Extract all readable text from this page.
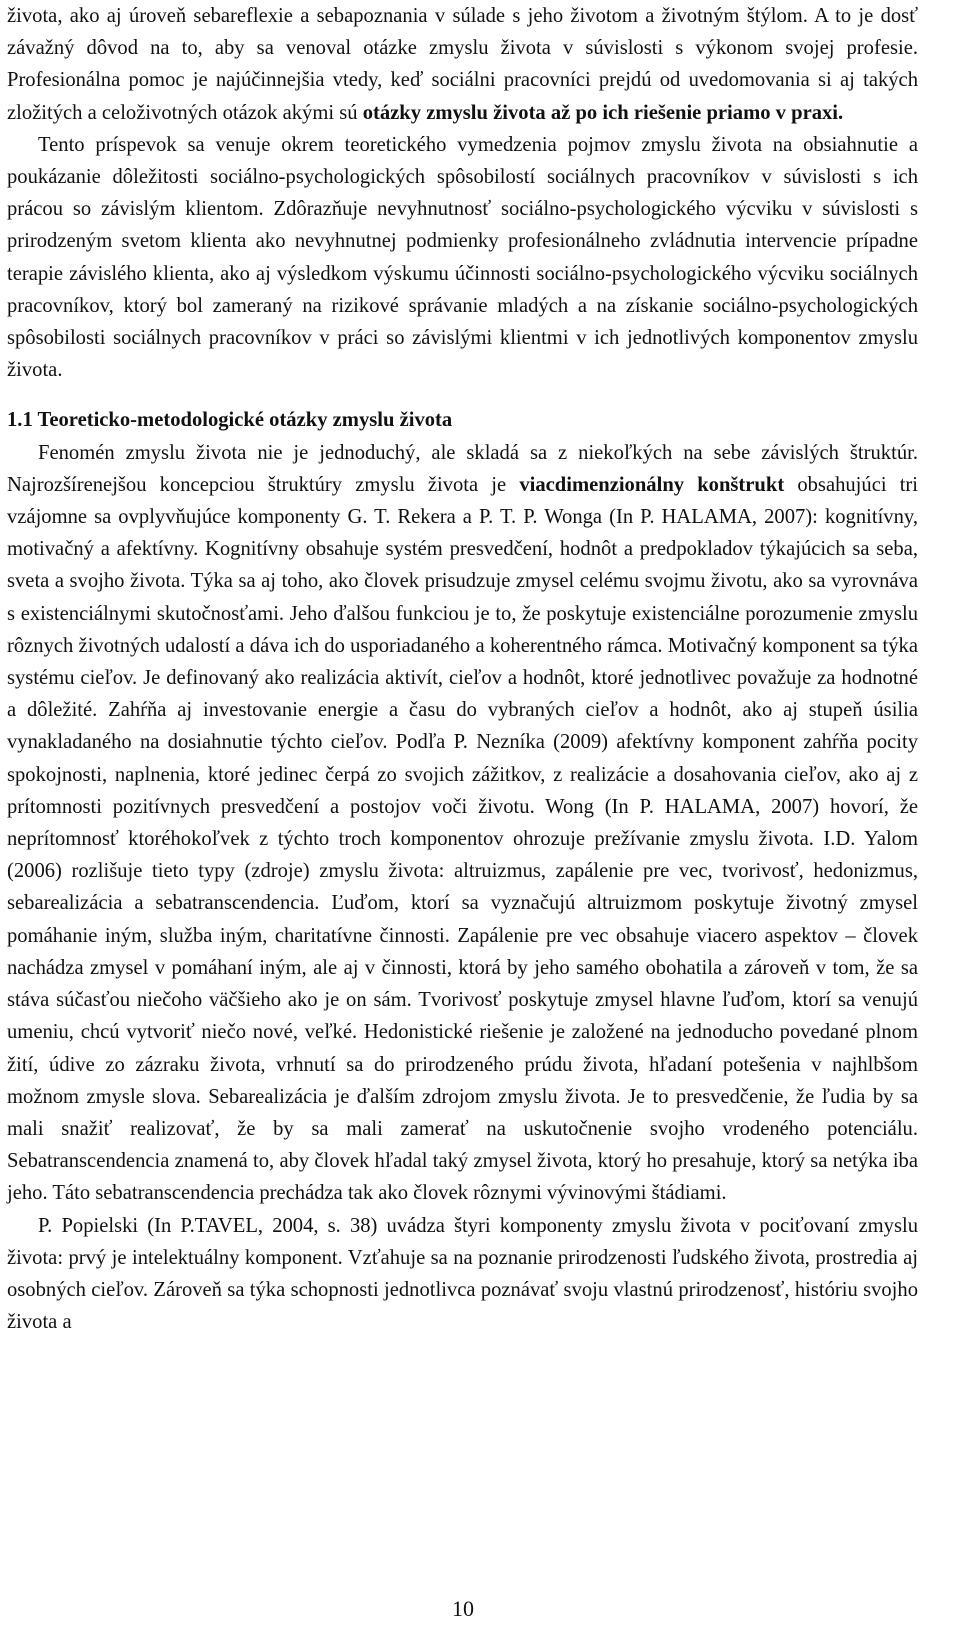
života, ako aj úroveň sebareflexie a sebapoznania v súlade s jeho životom a životným štýlom. A to je dosť závažný dôvod na to, aby sa venoval otázke zmyslu života v súvislosti s výkonom svojej profesie. Profesionálna pomoc je najúčinnejšia vtedy, keď sociálni pracovníci prejdú od uvedomovania si aj takých zložitých a celoživotných otázok akými sú otázky zmyslu života až po ich riešenie priamo v praxi.

Tento príspevok sa venuje okrem teoretického vymedzenia pojmov zmyslu života na obsiahnutie a poukázanie dôležitosti sociálno-psychologických spôsobilostí sociálnych pracovníkov v súvislosti s ich prácou so závislým klientom. Zdôrazňuje nevyhnutnosť sociálno-psychologického výcviku v súvislosti s prirodzeným svetom klienta ako nevyhnutnej podmienky profesionálneho zvládnutia intervencie prípadne terapie závislého klienta, ako aj výsledkom výskumu účinnosti sociálno-psychologického výcviku sociálnych pracovníkov, ktorý bol zameraný na rizikové správanie mladých a na získanie sociálno-psychologických spôsobilosti sociálnych pracovníkov v práci so závislými klientmi v ich jednotlivých komponentov zmyslu života.

1.1 Teoreticko-metodologické otázky zmyslu života

Fenomén zmyslu života nie je jednoduchý, ale skladá sa z niekoľkých na sebe závislých štruktúr. Najrozšírenejšou koncepciou štruktúry zmyslu života je viacdimenzionálny konštrukt obsahujúci tri vzájomne sa ovplyvňujúce komponenty G. T. Rekera a P. T. P. Wonga (In P. HALAMA, 2007): kognitívny, motivačný a afektívny. Kognitívny obsahuje systém presvedčení, hodnôt a predpokladov týkajúcich sa seba, sveta a svojho života. Týka sa aj toho, ako človek prisudzuje zmysel celému svojmu životu, ako sa vyrovnáva s existenciálnymi skutočnosťami. Jeho ďalšou funkciou je to, že poskytuje existenciálne porozumenie zmyslu rôznych životných udalostí a dáva ich do usporiadaného a koherentného rámca. Motivačný komponent sa týka systému cieľov. Je definovaný ako realizácia aktivít, cieľov a hodnôt, ktoré jednotlivec považuje za hodnotné a dôležité. Zahŕňa aj investovanie energie a času do vybraných cieľov a hodnôt, ako aj stupeň úsilia vynakladaného na dosiahnutie týchto cieľov. Podľa P. Nezníka (2009) afektívny komponent zahŕňa pocity spokojnosti, naplnenia, ktoré jedinec čerpá zo svojich zážitkov, z realizácie a dosahovania cieľov, ako aj z prítomnosti pozitívnych presvedčení a postojov voči životu. Wong (In P. HALAMA, 2007) hovorí, že neprítomnosť ktoréhokoľvek z týchto troch komponentov ohrozuje prežívanie zmyslu života. I.D. Yalom (2006) rozlišuje tieto typy (zdroje) zmyslu života: altruizmus, zapálenie pre vec, tvorivosť, hedonizmus, sebarealizácia a sebatranscendencia. Ľuďom, ktorí sa vyznačujú altruizmom poskytuje životný zmysel pomáhanie iným, služba iným, charitatívne činnosti. Zapálenie pre vec obsahuje viacero aspektov – človek nachádza zmysel v pomáhaní iným, ale aj v činnosti, ktorá by jeho samého obohatila a zároveň v tom, že sa stáva súčasťou niečoho väčšieho ako je on sám. Tvorivosť poskytuje zmysel hlavne ľuďom, ktorí sa venujú umeniu, chcú vytvoriť niečo nové, veľké. Hedonistické riešenie je založené na jednoducho povedané plnom žití, údive zo zázraku života, vrhnutí sa do prirodzeného prúdu života, hľadaní potešenia v najhlbšom možnom zmysle slova. Sebarealizácia je ďalším zdrojom zmyslu života. Je to presvedčenie, že ľudia by sa mali snažiť realizovať, že by sa mali zamerať na uskutočnenie svojho vrodeného potenciálu. Sebatranscendencia znamená to, aby človek hľadal taký zmysel života, ktorý ho presahuje, ktorý sa netýka iba jeho. Táto sebatranscendencia prechádza tak ako človek rôznymi vývinovými štádiami.

P. Popielski (In P.TAVEL, 2004, s. 38) uvádza štyri komponenty zmyslu života v pociťovaní zmyslu života: prvý je intelektuálny komponent. Vzťahuje sa na poznanie prirodzenosti ľudského života, prostredia aj osobných cieľov. Zároveň sa týka schopnosti jednotlivca poznávať svoju vlastnú prirodzenosť, históriu svojho života a

10
